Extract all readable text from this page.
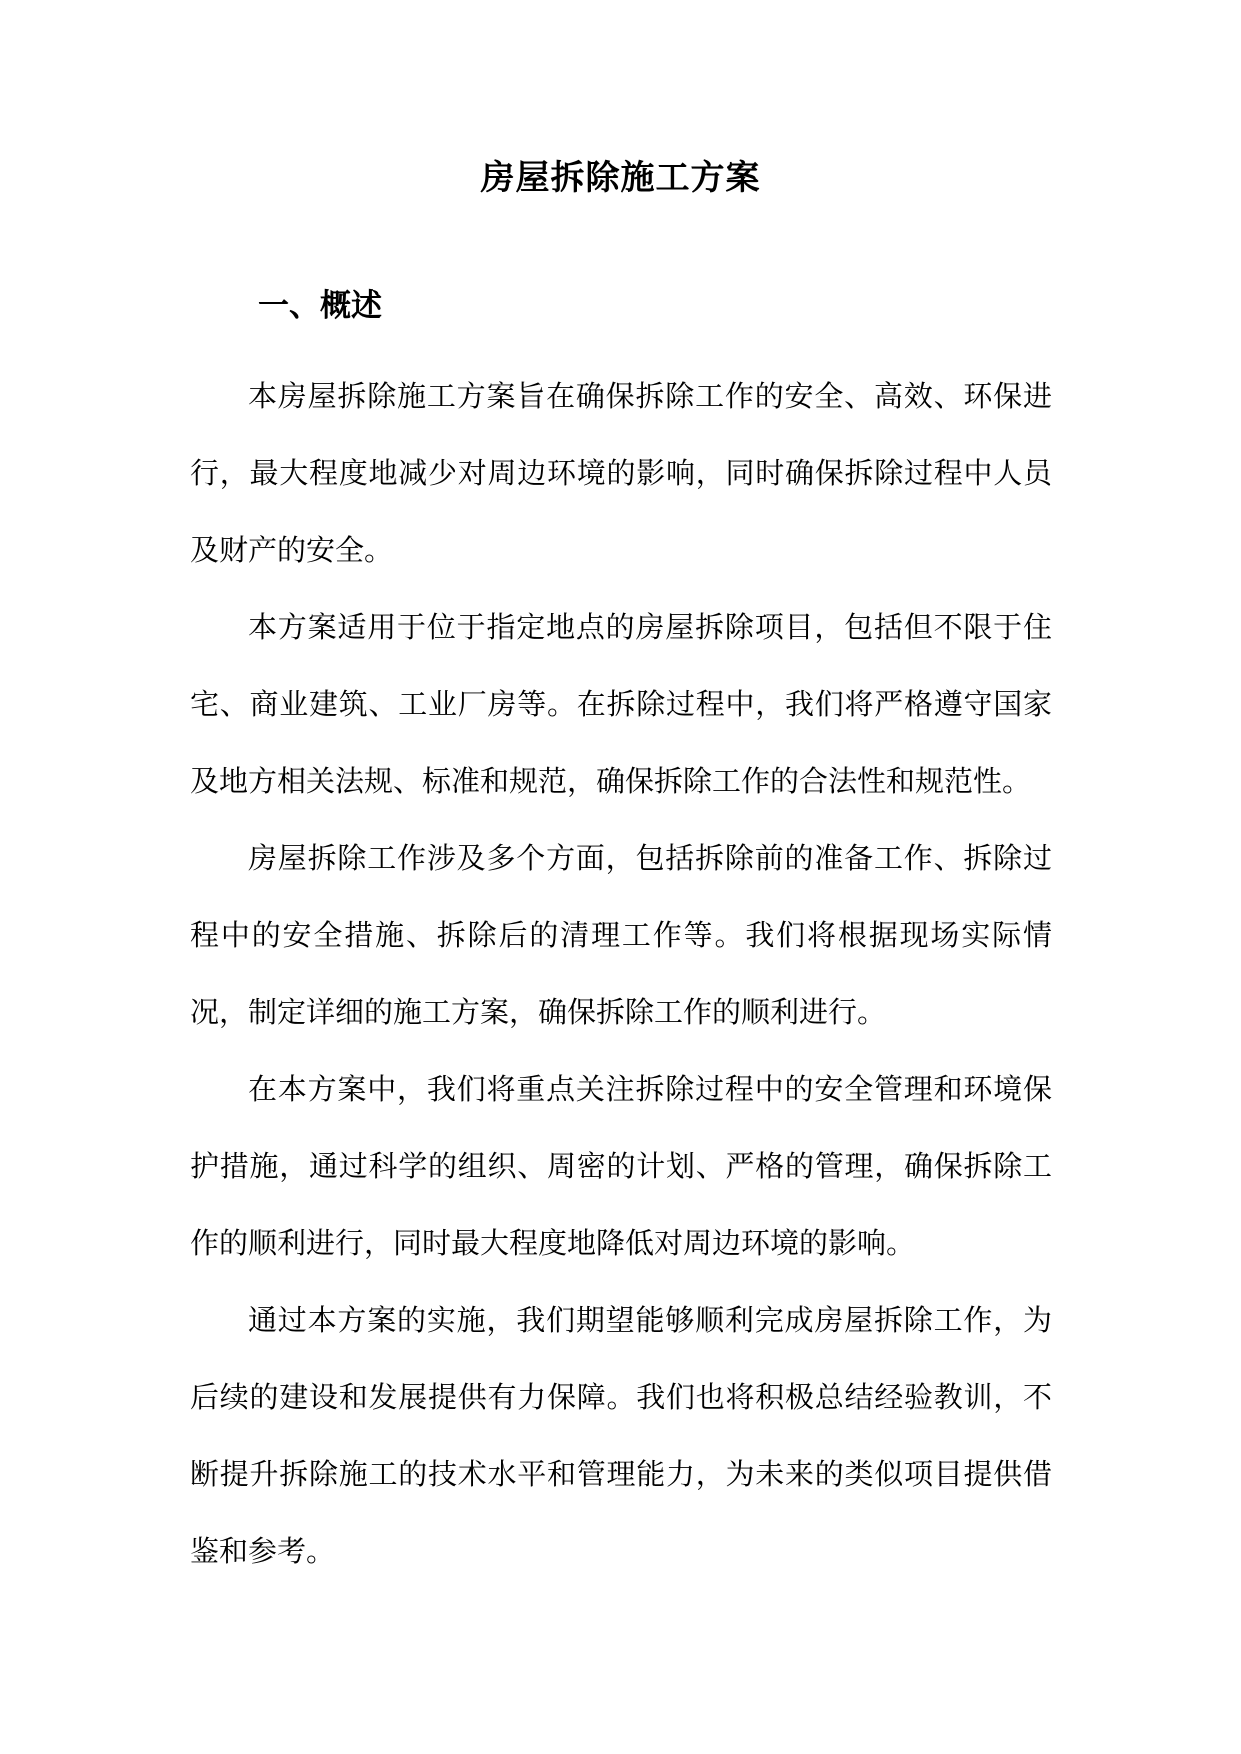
房屋拆除施工方案
一、概述

本房屋拆除施工方案旨在确保拆除工作的安全、高效、环保进行，最大程度地减少对周边环境的影响，同时确保拆除过程中人员及财产的安全。

本方案适用于位于指定地点的房屋拆除项目，包括但不限于住宅、商业建筑、工业厂房等。在拆除过程中，我们将严格遵守国家及地方相关法规、标准和规范，确保拆除工作的合法性和规范性。

房屋拆除工作涉及多个方面，包括拆除前的准备工作、拆除过程中的安全措施、拆除后的清理工作等。我们将根据现场实际情况，制定详细的施工方案，确保拆除工作的顺利进行。

在本方案中，我们将重点关注拆除过程中的安全管理和环境保护措施，通过科学的组织、周密的计划、严格的管理，确保拆除工作的顺利进行，同时最大程度地降低对周边环境的影响。

通过本方案的实施，我们期望能够顺利完成房屋拆除工作，为后续的建设和发展提供有力保障。我们也将积极总结经验教训，不断提升拆除施工的技术水平和管理能力，为未来的类似项目提供借鉴和参考。
